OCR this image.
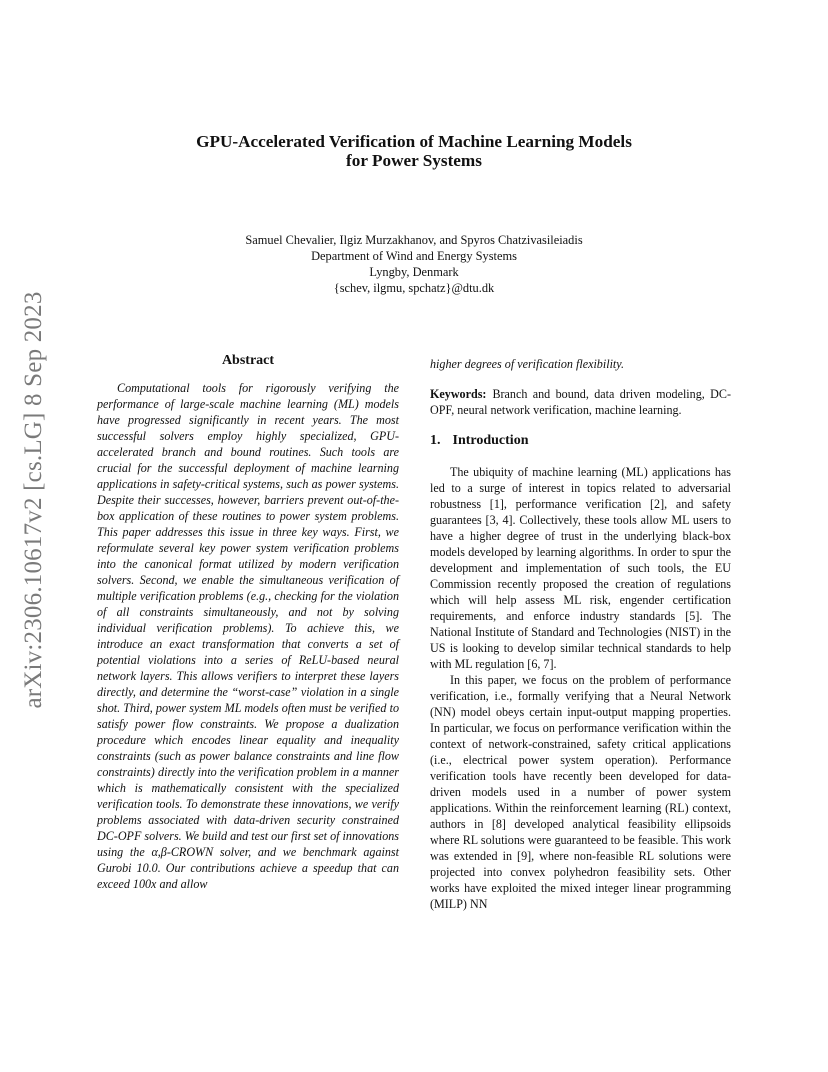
arXiv:2306.10617v2 [cs.LG] 8 Sep 2023
GPU-Accelerated Verification of Machine Learning Models
for Power Systems
Samuel Chevalier, Ilgiz Murzakhanov, and Spyros Chatzivasileiadis
Department of Wind and Energy Systems
Lyngby, Denmark
{schev, ilgmu, spchatz}@dtu.dk
Abstract

Computational tools for rigorously verifying the performance of large-scale machine learning (ML) models have progressed significantly in recent years. The most successful solvers employ highly specialized, GPU-accelerated branch and bound routines. Such tools are crucial for the successful deployment of machine learning applications in safety-critical systems, such as power systems. Despite their successes, however, barriers prevent out-of-the-box application of these routines to power system problems. This paper addresses this issue in three key ways. First, we reformulate several key power system verification problems into the canonical format utilized by modern verification solvers. Second, we enable the simultaneous verification of multiple verification problems (e.g., checking for the violation of all constraints simultaneously, and not by solving individual verification problems). To achieve this, we introduce an exact transformation that converts a set of potential violations into a series of ReLU-based neural network layers. This allows verifiers to interpret these layers directly, and determine the “worst-case” violation in a single shot. Third, power system ML models often must be verified to satisfy power flow constraints. We propose a dualization procedure which encodes linear equality and inequality constraints (such as power balance constraints and line flow constraints) directly into the verification problem in a manner which is mathematically consistent with the specialized verification tools. To demonstrate these innovations, we verify problems associated with data-driven security constrained DC-OPF solvers. We build and test our first set of innovations using the α,β-CROWN solver, and we benchmark against Gurobi 10.0. Our contributions achieve a speedup that can exceed 100x and allow

higher degrees of verification flexibility.

Keywords: Branch and bound, data driven modeling, DC-OPF, neural network verification, machine learning.

1. Introduction

The ubiquity of machine learning (ML) applications has led to a surge of interest in topics related to adversarial robustness [1], performance verification [2], and safety guarantees [3, 4]. Collectively, these tools allow ML users to have a higher degree of trust in the underlying black-box models developed by learning algorithms. In order to spur the development and implementation of such tools, the EU Commission recently proposed the creation of regulations which will help assess ML risk, engender certification requirements, and enforce industry standards [5]. The National Institute of Standard and Technologies (NIST) in the US is looking to develop similar technical standards to help with ML regulation [6, 7].

In this paper, we focus on the problem of performance verification, i.e., formally verifying that a Neural Network (NN) model obeys certain input-output mapping properties. In particular, we focus on performance verification within the context of network-constrained, safety critical applications (i.e., electrical power system operation). Performance verification tools have recently been developed for data-driven models used in a number of power system applications. Within the reinforcement learning (RL) context, authors in [8] developed analytical feasibility ellipsoids where RL solutions were guaranteed to be feasible. This work was extended in [9], where non-feasible RL solutions were projected into convex polyhedron feasibility sets. Other works have exploited the mixed integer linear programming (MILP) NN
